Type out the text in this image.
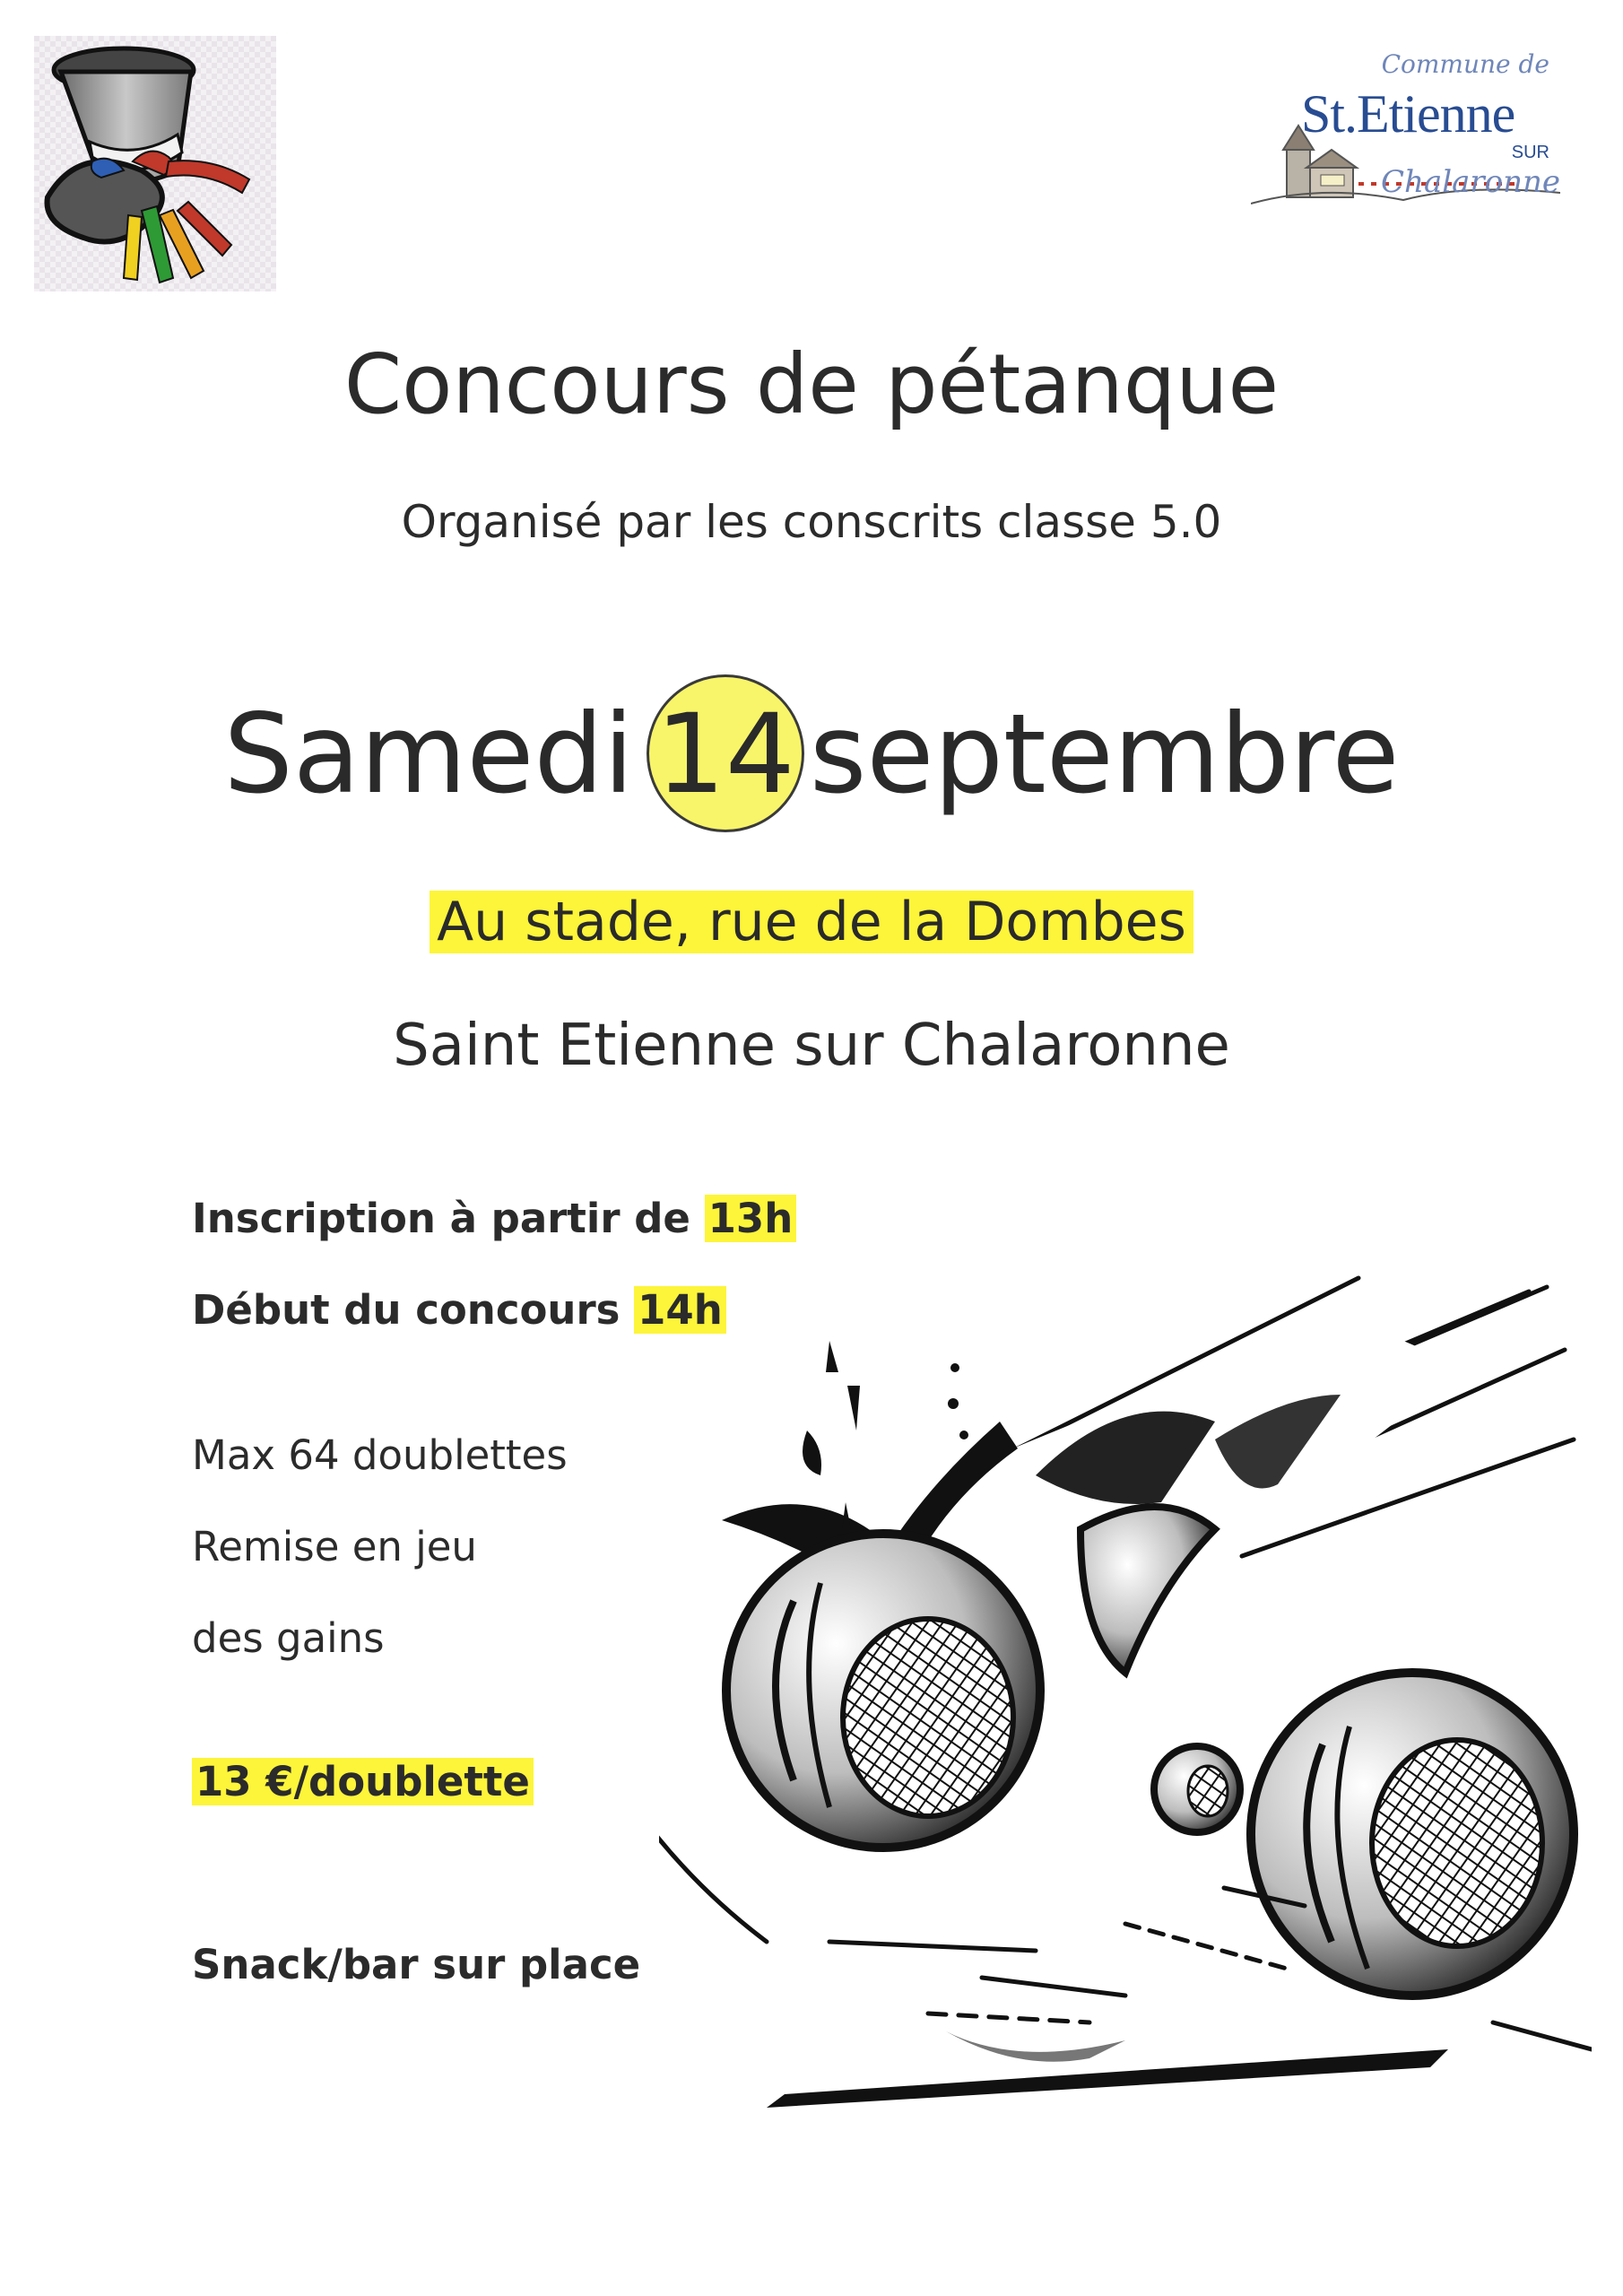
Commune de
St.Etienne
SUR
Chalaronne
Concours de pétanque
Organisé par les conscrits classe 5.0
Samedi 14 septembre
Au stade, rue de la Dombes
Saint Etienne sur Chalaronne
Inscription à partir de 13h
Début du concours 14h
Max 64 doublettes
Remise en jeu
des gains
13 €/doublette
Snack/bar sur place
